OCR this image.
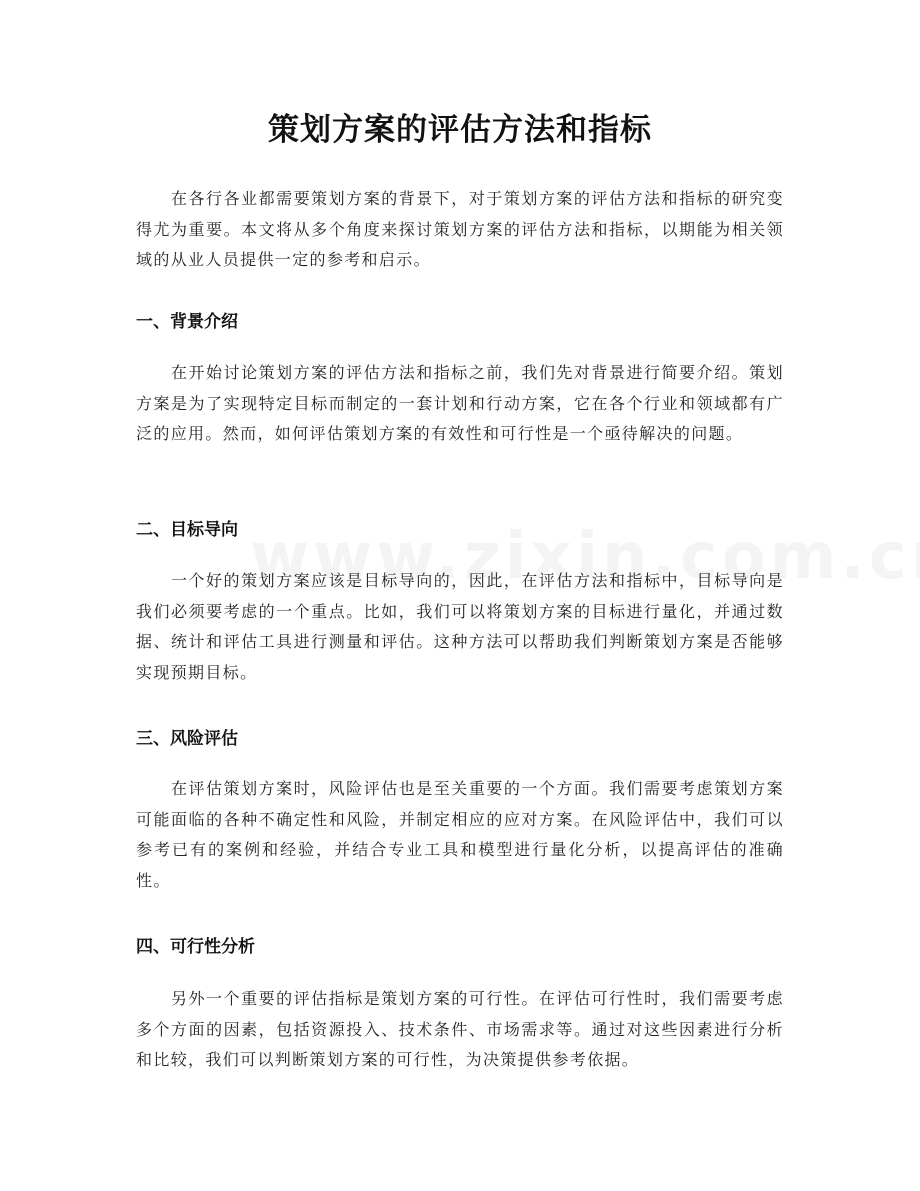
策划方案的评估方法和指标

在各行各业都需要策划方案的背景下，对于策划方案的评估方法和指标的研究变得尤为重要。本文将从多个角度来探讨策划方案的评估方法和指标，以期能为相关领域的从业人员提供一定的参考和启示。

一、背景介绍

在开始讨论策划方案的评估方法和指标之前，我们先对背景进行简要介绍。策划方案是为了实现特定目标而制定的一套计划和行动方案，它在各个行业和领域都有广泛的应用。然而，如何评估策划方案的有效性和可行性是一个亟待解决的问题。

二、目标导向

一个好的策划方案应该是目标导向的，因此，在评估方法和指标中，目标导向是我们必须要考虑的一个重点。比如，我们可以将策划方案的目标进行量化，并通过数据、统计和评估工具进行测量和评估。这种方法可以帮助我们判断策划方案是否能够实现预期目标。

三、风险评估

在评估策划方案时，风险评估也是至关重要的一个方面。我们需要考虑策划方案可能面临的各种不确定性和风险，并制定相应的应对方案。在风险评估中，我们可以参考已有的案例和经验，并结合专业工具和模型进行量化分析，以提高评估的准确性。

四、可行性分析

另外一个重要的评估指标是策划方案的可行性。在评估可行性时，我们需要考虑多个方面的因素，包括资源投入、技术条件、市场需求等。通过对这些因素进行分析和比较，我们可以判断策划方案的可行性，为决策提供参考依据。
